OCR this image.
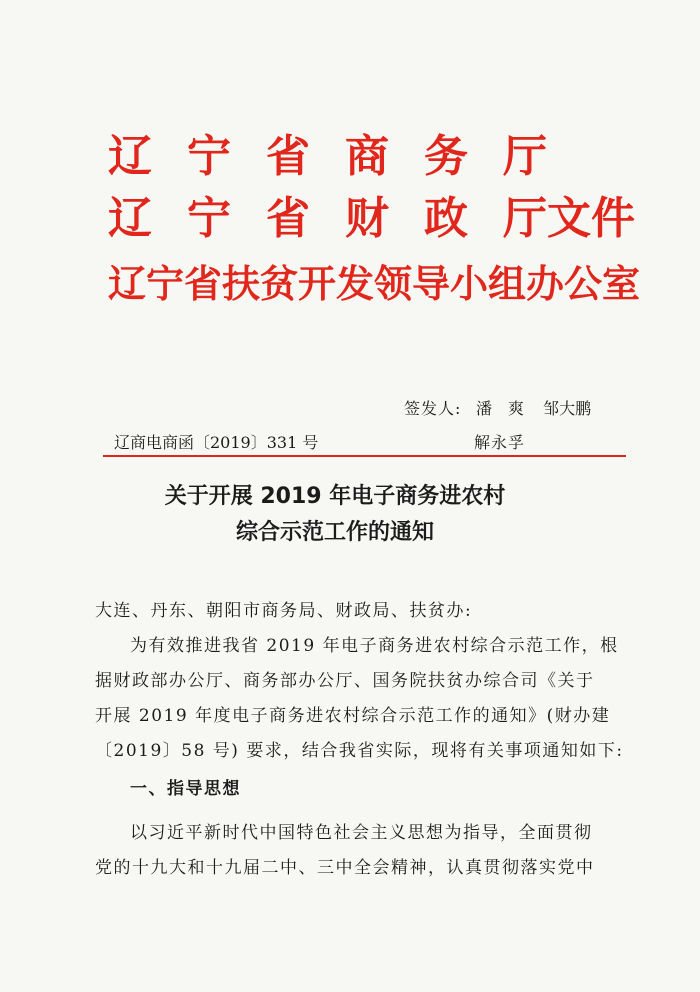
辽宁省商务厅
辽宁省财政厅文件
辽宁省扶贫开发领导小组办公室
签发人: 潘　爽 邹大鹏
解永孚
辽商电商函〔2019〕331 号
关于开展 2019 年电子商务进农村
综合示范工作的通知
大连、丹东、朝阳市商务局、财政局、扶贫办:
为有效推进我省 2019 年电子商务进农村综合示范工作，根
据财政部办公厅、商务部办公厅、国务院扶贫办综合司《关于
开展 2019 年度电子商务进农村综合示范工作的通知》(财办建
〔2019〕58 号) 要求，结合我省实际，现将有关事项通知如下:
一、指导思想
以习近平新时代中国特色社会主义思想为指导，全面贯彻
党的十九大和十九届二中、三中全会精神，认真贯彻落实党中
